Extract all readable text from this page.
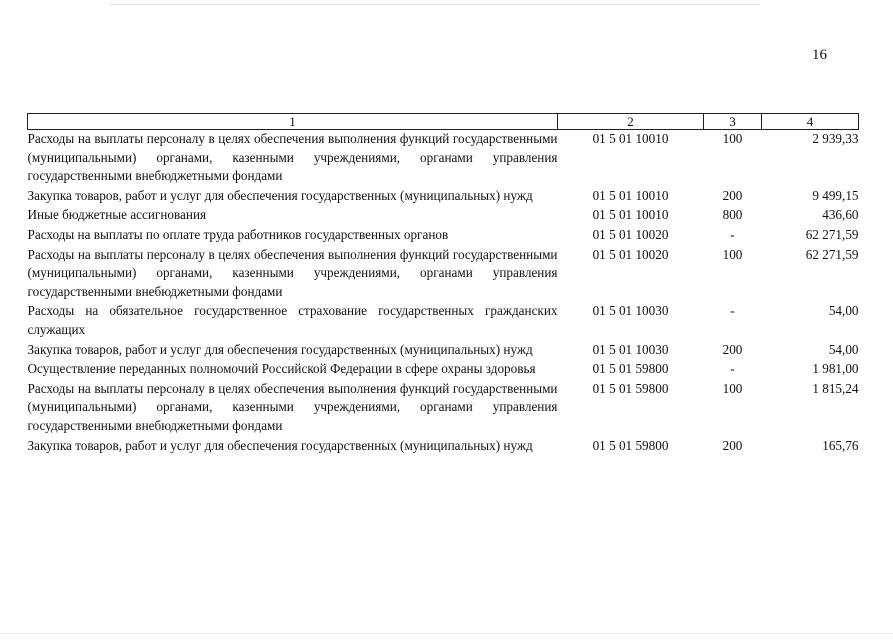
16
1	2	3	4
Расходы на выплаты персоналу в целях обеспечения выполнения функций государственными (муниципальными) органами, казенными учреждениями, органами управления государственными внебюджетными фондами	01 5 01 10010	100	2 939,33
Закупка товаров, работ и услуг для обеспечения государственных (муниципальных) нужд	01 5 01 10010	200	9 499,15
Иные бюджетные ассигнования	01 5 01 10010	800	436,60
Расходы на выплаты по оплате труда работников государственных органов	01 5 01 10020	-	62 271,59
Расходы на выплаты персоналу в целях обеспечения выполнения функций государственными (муниципальными) органами, казенными учреждениями, органами управления государственными внебюджетными фондами	01 5 01 10020	100	62 271,59
Расходы на обязательное государственное страхование государственных гражданских служащих	01 5 01 10030	-	54,00
Закупка товаров, работ и услуг для обеспечения государственных (муниципальных) нужд	01 5 01 10030	200	54,00
Осуществление переданных полномочий Российской Федерации в сфере охраны здоровья	01 5 01 59800	-	1 981,00
Расходы на выплаты персоналу в целях обеспечения выполнения функций государственными (муниципальными) органами, казенными учреждениями, органами управления государственными внебюджетными фондами	01 5 01 59800	100	1 815,24
Закупка товаров, работ и услуг для обеспечения государственных (муниципальных) нужд	01 5 01 59800	200	165,76
